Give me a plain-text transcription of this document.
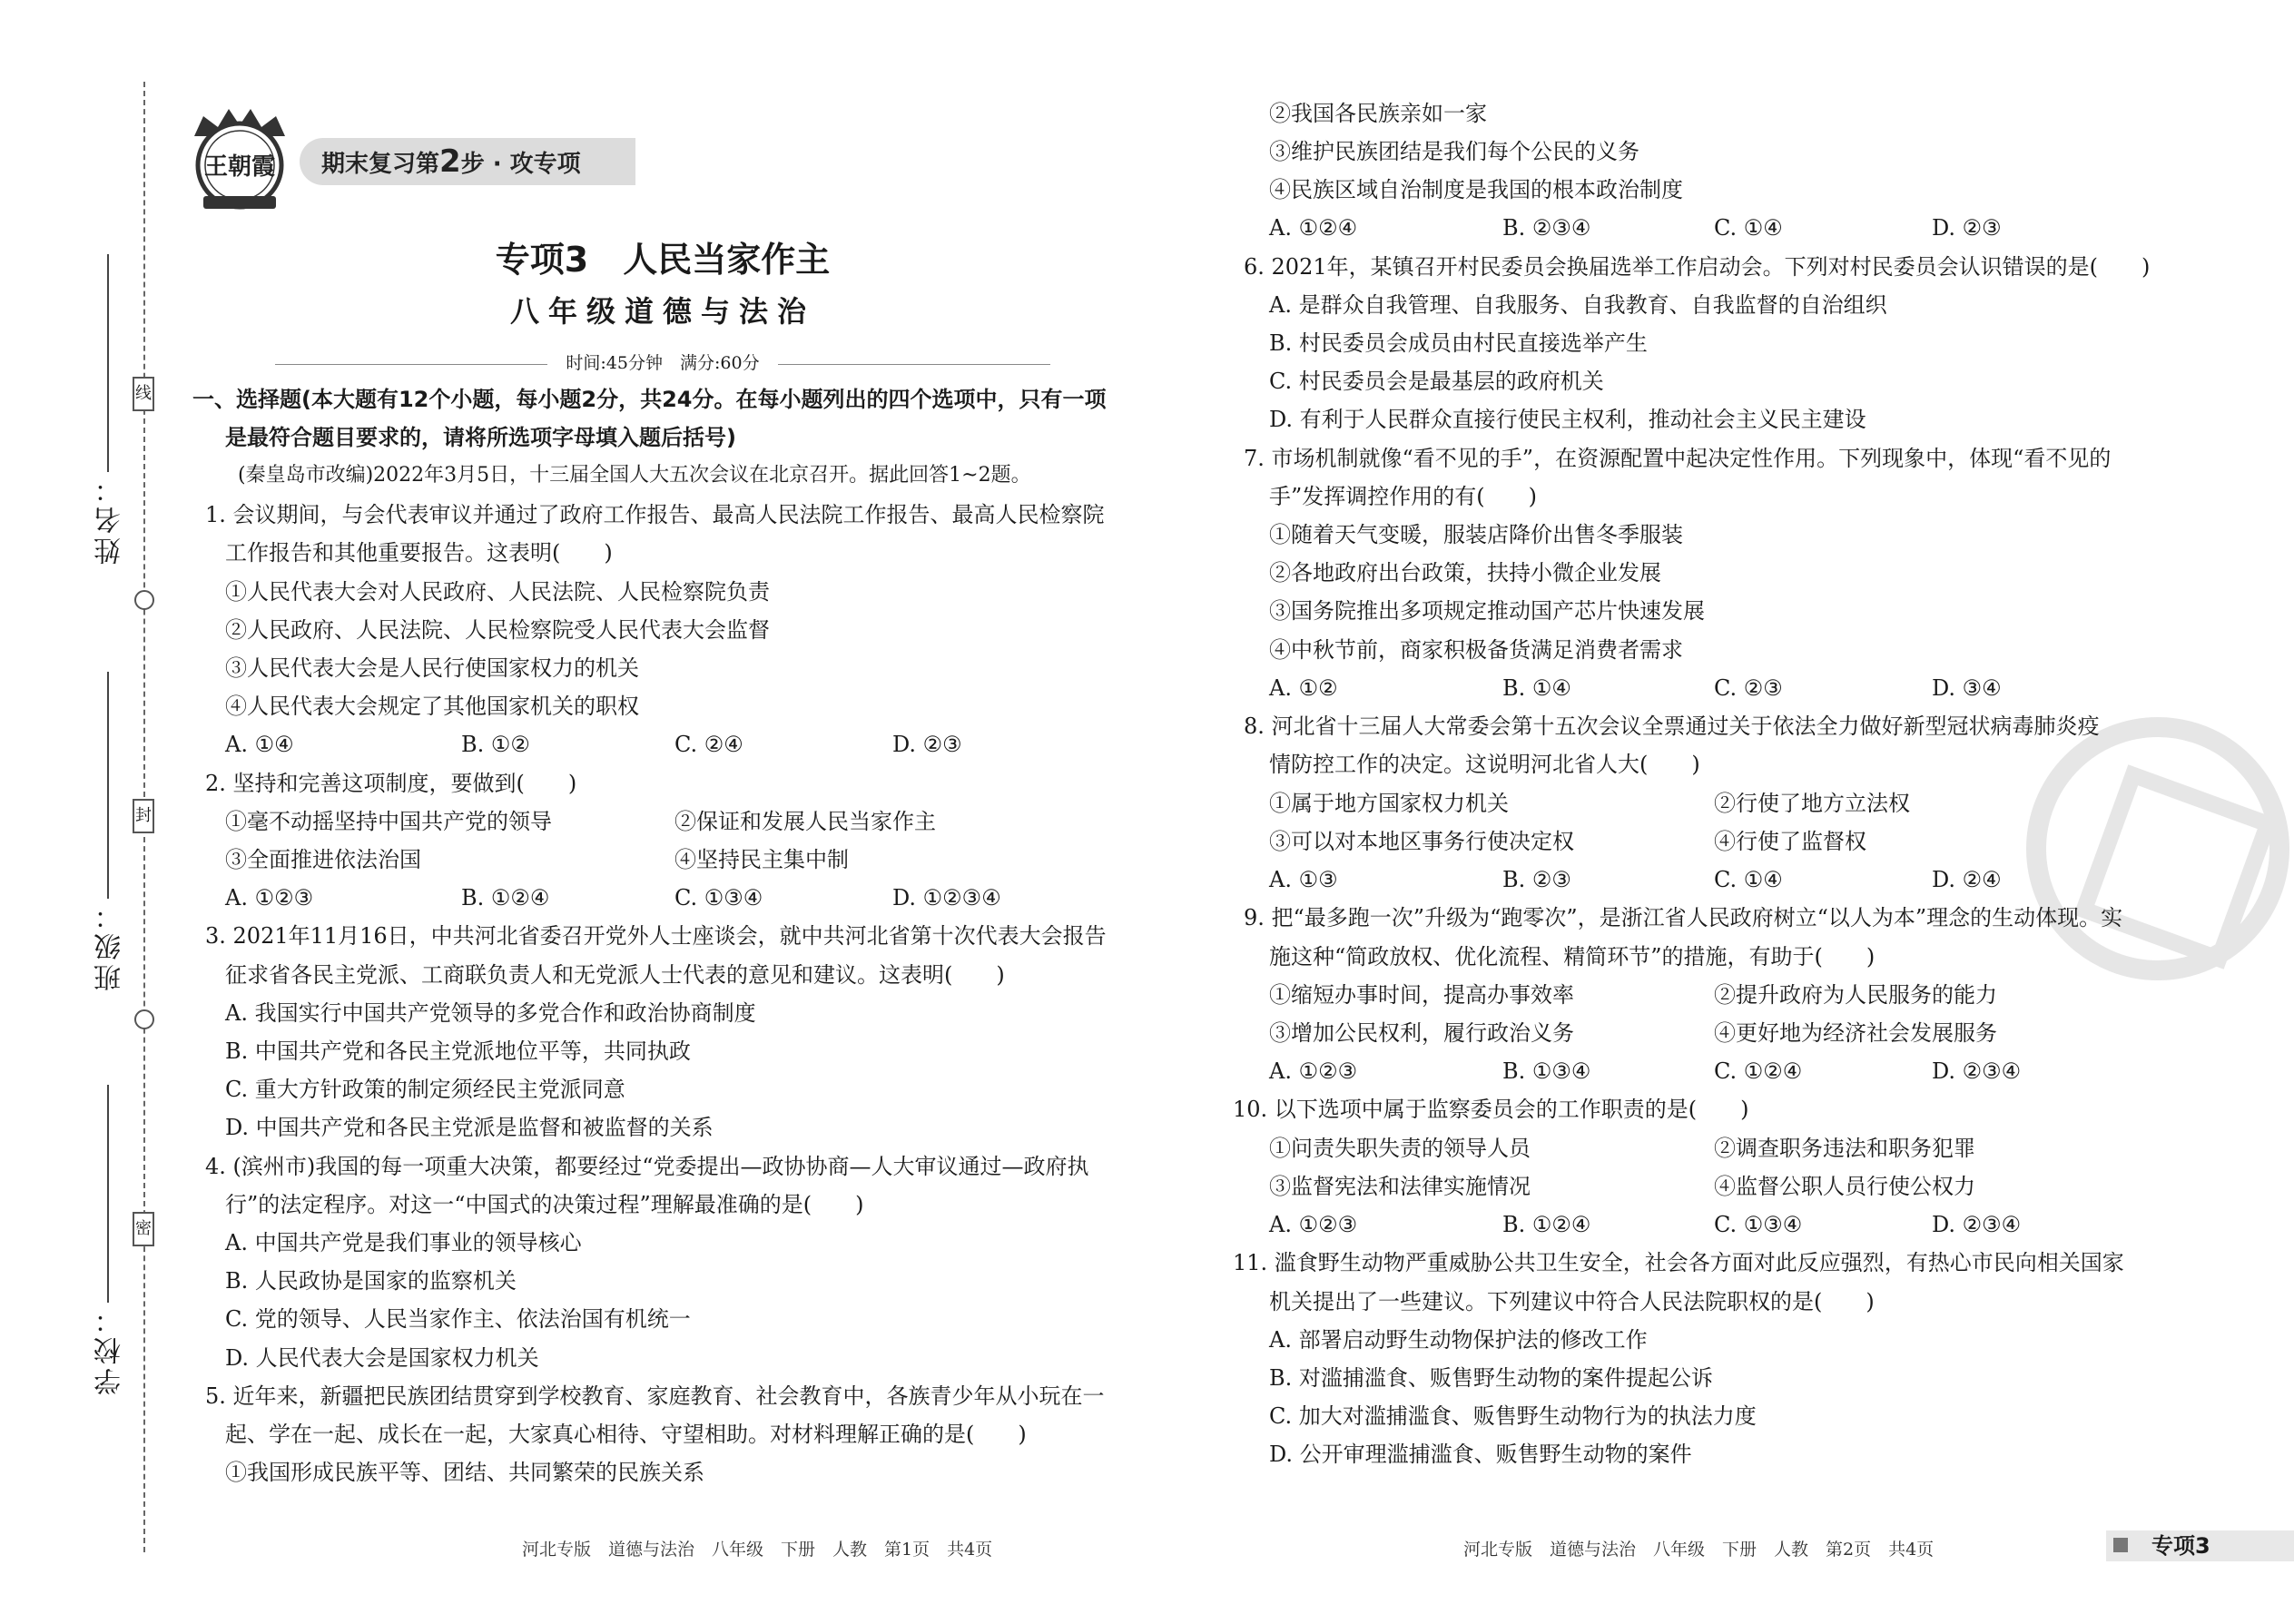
线
封
密
姓名：
班级：
学校：
王朝霞	期末复习第2步 · 攻专项
专项3　人民当家作主
八年级道德与法治
时间:45分钟　满分:60分
一、选择题(本大题有12个小题，每小题2分，共24分。在每小题列出的四个选项中，只有一项
是最符合题目要求的，请将所选项字母填入题后括号)
(秦皇岛市改编)2022年3月5日，十三届全国人大五次会议在北京召开。据此回答1~2题。
1. 会议期间，与会代表审议并通过了政府工作报告、最高人民法院工作报告、最高人民检察院
工作报告和其他重要报告。这表明(　　)
①人民代表大会对人民政府、人民法院、人民检察院负责
②人民政府、人民法院、人民检察院受人民代表大会监督
③人民代表大会是人民行使国家权力的机关
④人民代表大会规定了其他国家机关的职权
A. ①④	B. ①②	C. ②④	D. ②③
2. 坚持和完善这项制度，要做到(　　)
①毫不动摇坚持中国共产党的领导	②保证和发展人民当家作主
③全面推进依法治国	④坚持民主集中制
A. ①②③	B. ①②④	C. ①③④	D. ①②③④
3. 2021年11月16日，中共河北省委召开党外人士座谈会，就中共河北省第十次代表大会报告
征求省各民主党派、工商联负责人和无党派人士代表的意见和建议。这表明(　　)
A. 我国实行中国共产党领导的多党合作和政治协商制度
B. 中国共产党和各民主党派地位平等，共同执政
C. 重大方针政策的制定须经民主党派同意
D. 中国共产党和各民主党派是监督和被监督的关系
4. (滨州市)我国的每一项重大决策，都要经过“党委提出—政协协商—人大审议通过—政府执
行”的法定程序。对这一“中国式的决策过程”理解最准确的是(　　)
A. 中国共产党是我们事业的领导核心
B. 人民政协是国家的监察机关
C. 党的领导、人民当家作主、依法治国有机统一
D. 人民代表大会是国家权力机关
5. 近年来，新疆把民族团结贯穿到学校教育、家庭教育、社会教育中，各族青少年从小玩在一
起、学在一起、成长在一起，大家真心相待、守望相助。对材料理解正确的是(　　)
①我国形成民族平等、团结、共同繁荣的民族关系
②我国各民族亲如一家
③维护民族团结是我们每个公民的义务
④民族区域自治制度是我国的根本政治制度
A. ①②④	B. ②③④	C. ①④	D. ②③
6. 2021年，某镇召开村民委员会换届选举工作启动会。下列对村民委员会认识错误的是(　　)
A. 是群众自我管理、自我服务、自我教育、自我监督的自治组织
B. 村民委员会成员由村民直接选举产生
C. 村民委员会是最基层的政府机关
D. 有利于人民群众直接行使民主权利，推动社会主义民主建设
7. 市场机制就像“看不见的手”，在资源配置中起决定性作用。下列现象中，体现“看不见的
手”发挥调控作用的有(　　)
①随着天气变暖，服装店降价出售冬季服装
②各地政府出台政策，扶持小微企业发展
③国务院推出多项规定推动国产芯片快速发展
④中秋节前，商家积极备货满足消费者需求
A. ①②	B. ①④	C. ②③	D. ③④
8. 河北省十三届人大常委会第十五次会议全票通过关于依法全力做好新型冠状病毒肺炎疫
情防控工作的决定。这说明河北省人大(　　)
①属于地方国家权力机关	②行使了地方立法权
③可以对本地区事务行使决定权	④行使了监督权
A. ①③	B. ②③	C. ①④	D. ②④
9. 把“最多跑一次”升级为“跑零次”，是浙江省人民政府树立“以人为本”理念的生动体现。实
施这种“简政放权、优化流程、精简环节”的措施，有助于(　　)
①缩短办事时间，提高办事效率	②提升政府为人民服务的能力
③增加公民权利，履行政治义务	④更好地为经济社会发展服务
A. ①②③	B. ①③④	C. ①②④	D. ②③④
10. 以下选项中属于监察委员会的工作职责的是(　　)
①问责失职失责的领导人员	②调查职务违法和职务犯罪
③监督宪法和法律实施情况	④监督公职人员行使公权力
A. ①②③	B. ①②④	C. ①③④	D. ②③④
11. 滥食野生动物严重威胁公共卫生安全，社会各方面对此反应强烈，有热心市民向相关国家
机关提出了一些建议。下列建议中符合人民法院职权的是(　　)
A. 部署启动野生动物保护法的修改工作
B. 对滥捕滥食、贩售野生动物的案件提起公诉
C. 加大对滥捕滥食、贩售野生动物行为的执法力度
D. 公开审理滥捕滥食、贩售野生动物的案件
河北专版　道德与法治　八年级　下册　人教　第1页　共4页	河北专版　道德与法治　八年级　下册　人教　第2页　共4页	专项3
